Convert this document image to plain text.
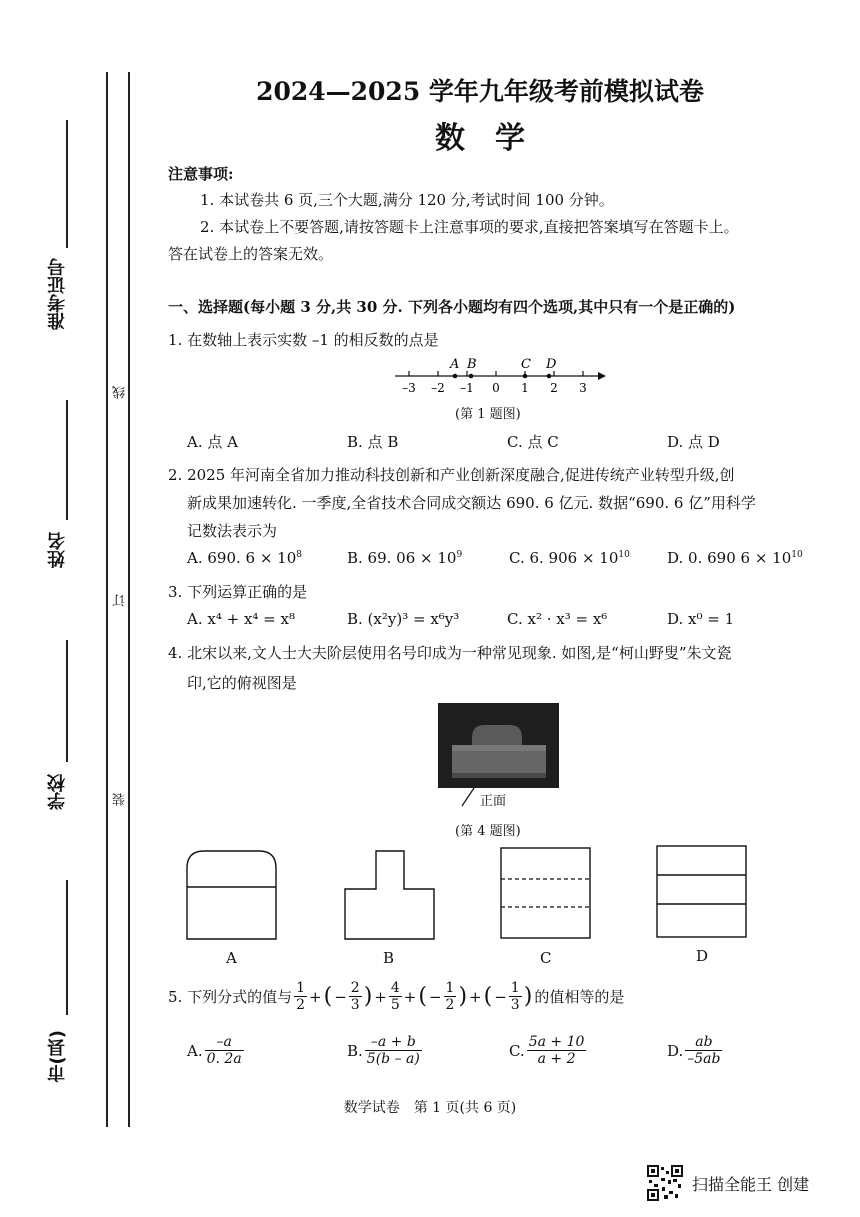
准考证号
姓名
学校
市(县)
线
订
装
2024—2025 学年九年级考前模拟试卷
数　学
注意事项:
1. 本试卷共 6 页,三个大题,满分 120 分,考试时间 100 分钟。
2. 本试卷上不要答题,请按答题卡上注意事项的要求,直接把答案填写在答题卡上。
答在试卷上的答案无效。
一、选择题(每小题 3 分,共 30 分. 下列各小题均有四个选项,其中只有一个是正确的)
1. 在数轴上表示实数 –1 的相反数的点是
A B	C D
–3 –2 –1 0 1 2 3
(第 1 题图)
A. 点 A	B. 点 B	C. 点 C	D. 点 D
2. 2025 年河南全省加力推动科技创新和产业创新深度融合,促进传统产业转型升级,创
新成果加速转化. 一季度,全省技术合同成交额达 690. 6 亿元. 数据“690. 6 亿”用科学
记数法表示为
A. 690. $6 \times 10^8$	B. 69. $06 \times 10^9$	C. 6. $906 \times 10^{10}$ D. 0. 690 $6 \times 10^{10}$
3. 下列运算正确的是
A. x⁴ + x⁴ = x⁸	B. (x²y)³ = x⁶y³	C. x² · x³ = x⁶	D. x⁰ = 1
4. 北宋以来,文人士大夫阶层使用名号印成为一种常见现象. 如图,是“柯山野叟”朱文瓷
印,它的俯视图是
正面
(第 4 题图)
A	B	C	D
5. 下列分式的值与 $\frac{1}{2}$ + ( − $\frac{2}{3}$ ) + $\frac{4}{5}$ + ( − $\frac{1}{2}$ ) + ( − $\frac{1}{3}$ ) 的值相等的是
A. $\frac{-a}{0. 2a}$	B. $\frac{-a + b}{5(b - a)}$	C. $\frac{5a + 10}{a + 2}$	D. $\frac{ab}{-5ab}$
数学试卷　第 1 页(共 6 页)
扫描全能王 创建
